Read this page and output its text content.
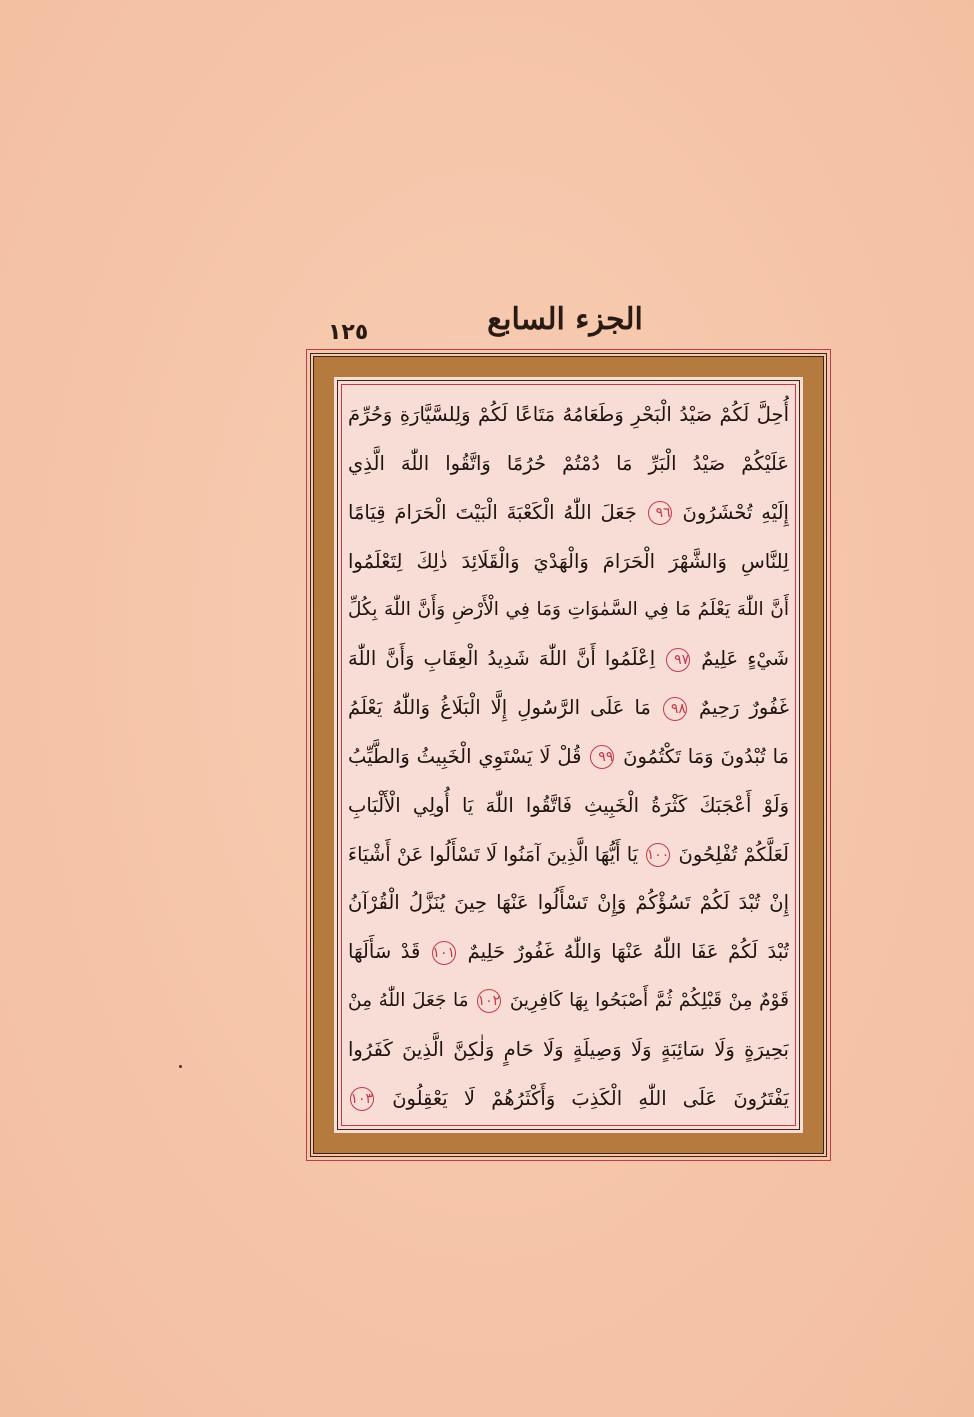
الجزء السابع
١٢٥
أُحِلَّ لَكُمْ صَيْدُ الْبَحْرِ وَطَعَامُهُ مَتَاعًا لَكُمْ وَلِلسَّيَّارَةِ وَحُرِّمَ
عَلَيْكُمْ صَيْدُ الْبَرِّ مَا دُمْتُمْ حُرُمًا وَاتَّقُوا اللّٰهَ الَّذِي
إِلَيْهِ تُحْشَرُونَ ٩٦ جَعَلَ اللّٰهُ الْكَعْبَةَ الْبَيْتَ الْحَرَامَ قِيَامًا
لِلنَّاسِ وَالشَّهْرَ الْحَرَامَ وَالْهَدْيَ وَالْقَلَائِدَ ذٰلِكَ لِتَعْلَمُوا
أَنَّ اللّٰهَ يَعْلَمُ مَا فِي السَّمٰوَاتِ وَمَا فِي الْأَرْضِ وَأَنَّ اللّٰهَ بِكُلِّ
شَيْءٍ عَلِيمٌ ٩٧ اِعْلَمُوا أَنَّ اللّٰهَ شَدِيدُ الْعِقَابِ وَأَنَّ اللّٰهَ
غَفُورٌ رَحِيمٌ ٩٨ مَا عَلَى الرَّسُولِ إِلَّا الْبَلَاغُ وَاللّٰهُ يَعْلَمُ
مَا تُبْدُونَ وَمَا تَكْتُمُونَ ٩٩ قُلْ لَا يَسْتَوِي الْخَبِيثُ وَالطَّيِّبُ
وَلَوْ أَعْجَبَكَ كَثْرَةُ الْخَبِيثِ فَاتَّقُوا اللّٰهَ يَا أُولِي الْأَلْبَابِ
لَعَلَّكُمْ تُفْلِحُونَ ١٠٠ يَا أَيُّهَا الَّذِينَ آمَنُوا لَا تَسْأَلُوا عَنْ أَشْيَاءَ
إِنْ تُبْدَ لَكُمْ تَسُؤْكُمْ وَإِنْ تَسْأَلُوا عَنْهَا حِينَ يُنَزَّلُ الْقُرْآنُ
تُبْدَ لَكُمْ عَفَا اللّٰهُ عَنْهَا وَاللّٰهُ غَفُورٌ حَلِيمٌ ١٠١ قَدْ سَأَلَهَا
قَوْمٌ مِنْ قَبْلِكُمْ ثُمَّ أَصْبَحُوا بِهَا كَافِرِينَ ١٠٢ مَا جَعَلَ اللّٰهُ مِنْ
بَحِيرَةٍ وَلَا سَائِبَةٍ وَلَا وَصِيلَةٍ وَلَا حَامٍ وَلٰكِنَّ الَّذِينَ كَفَرُوا
يَفْتَرُونَ عَلَى اللّٰهِ الْكَذِبَ وَأَكْثَرُهُمْ لَا يَعْقِلُونَ ١٠٣
